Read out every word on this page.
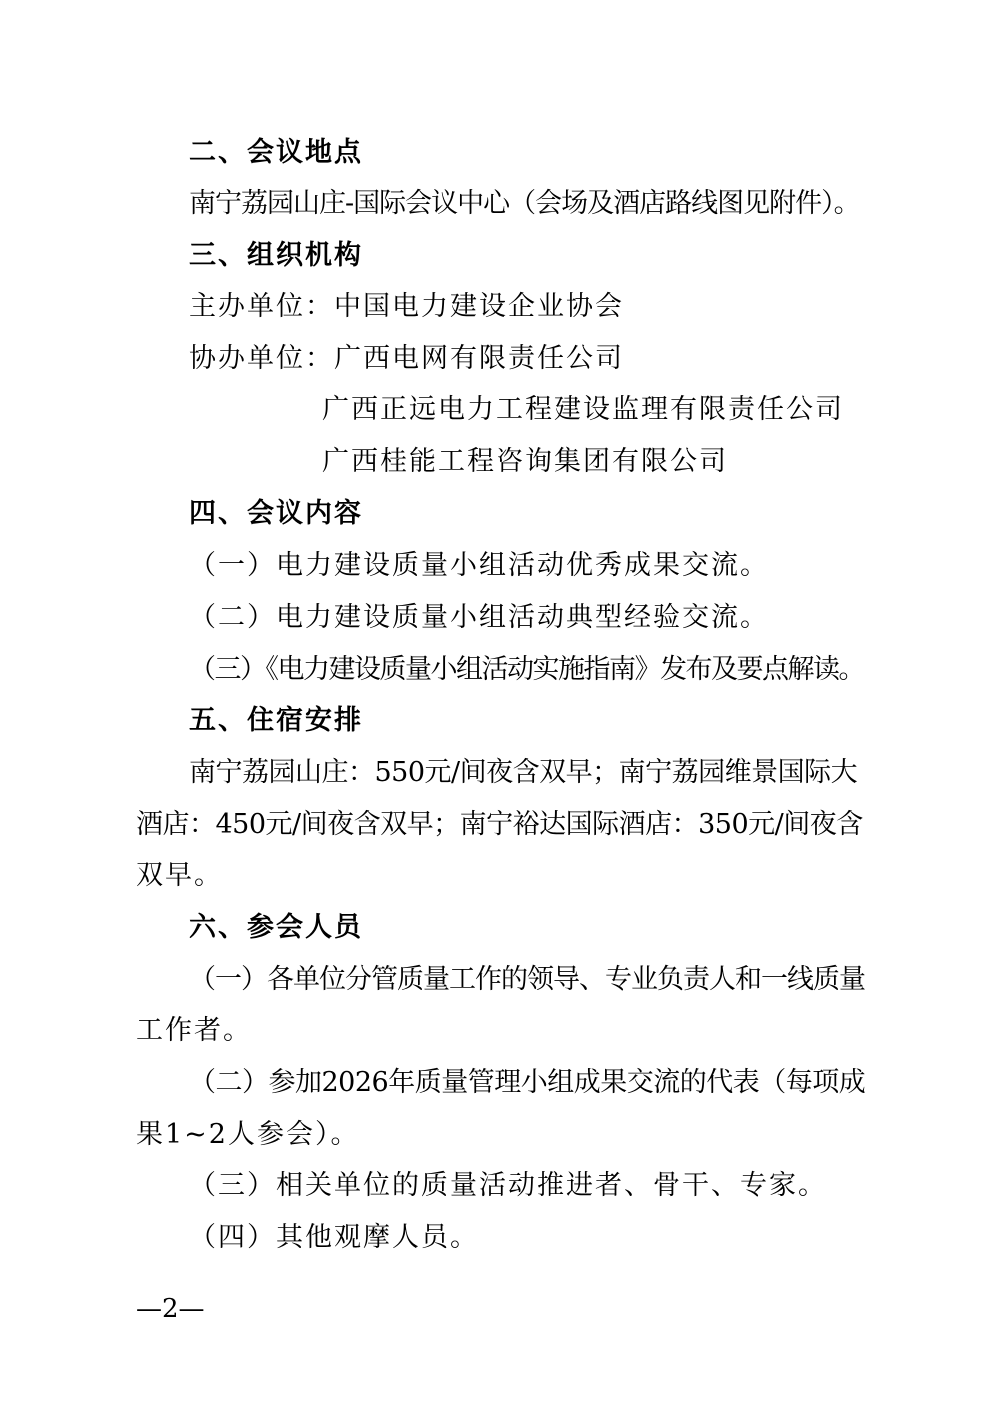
二、会议地点
南宁荔园山庄-国际会议中心（会场及酒店路线图见附件）。
三、组织机构
主办单位：中国电力建设企业协会
协办单位：广西电网有限责任公司
广西正远电力工程建设监理有限责任公司
广西桂能工程咨询集团有限公司
四、会议内容
（一）电力建设质量小组活动优秀成果交流。
（二）电力建设质量小组活动典型经验交流。
（三）《电力建设质量小组活动实施指南》发布及要点解读。
五、住宿安排
南宁荔园山庄：550元/间夜含双早；南宁荔园维景国际大
酒店：450元/间夜含双早；南宁裕达国际酒店：350元/间夜含
双早。
六、参会人员
（一）各单位分管质量工作的领导、专业负责人和一线质量
工作者。
（二）参加2026年质量管理小组成果交流的代表（每项成
果1~2人参会）。
（三）相关单位的质量活动推进者、骨干、专家。
（四）其他观摩人员。
—2—
